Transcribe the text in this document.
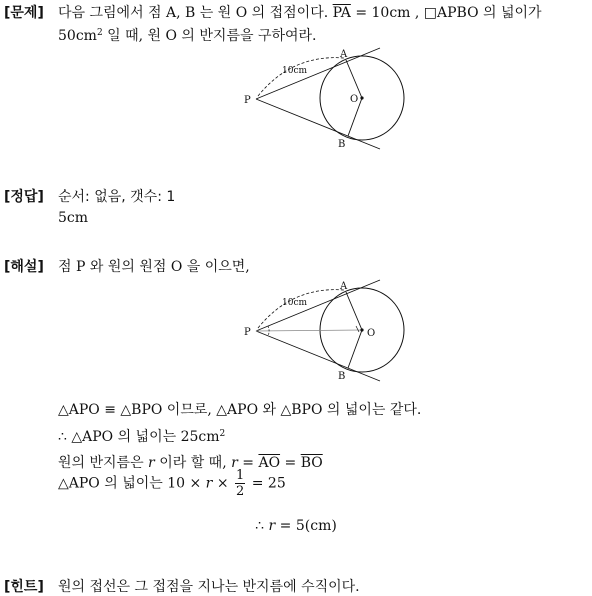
[문제] 다음 그림에서 점 A, B 는 원 O 의 접점이다. $\overline{PA} = 10cm$ , □APBO 의 넓이가
$50cm^2$ 일 때, 원 O 의 반지름을 구하여라.
P
A
B
O
10cm
[정답] 순서: 없음, 갯수: 1
5cm
[해설] 점 P 와 원의 원점 O 을 이으면,
P
A
B
O
10cm
△APO ≡ △BPO 이므로, △APO 와 △BPO 의 넓이는 같다.
∴ △APO 의 넓이는 $25cm^2$
원의 반지름은 r 이라 할 때, $r = \overline{AO} = \overline{BO}$
△APO 의 넓이는 $10 \times r \times \frac{1}{2} = 25$
∴ r = 5(cm)
[힌트] 원의 접선은 그 접점을 지나는 반지름에 수직이다.
